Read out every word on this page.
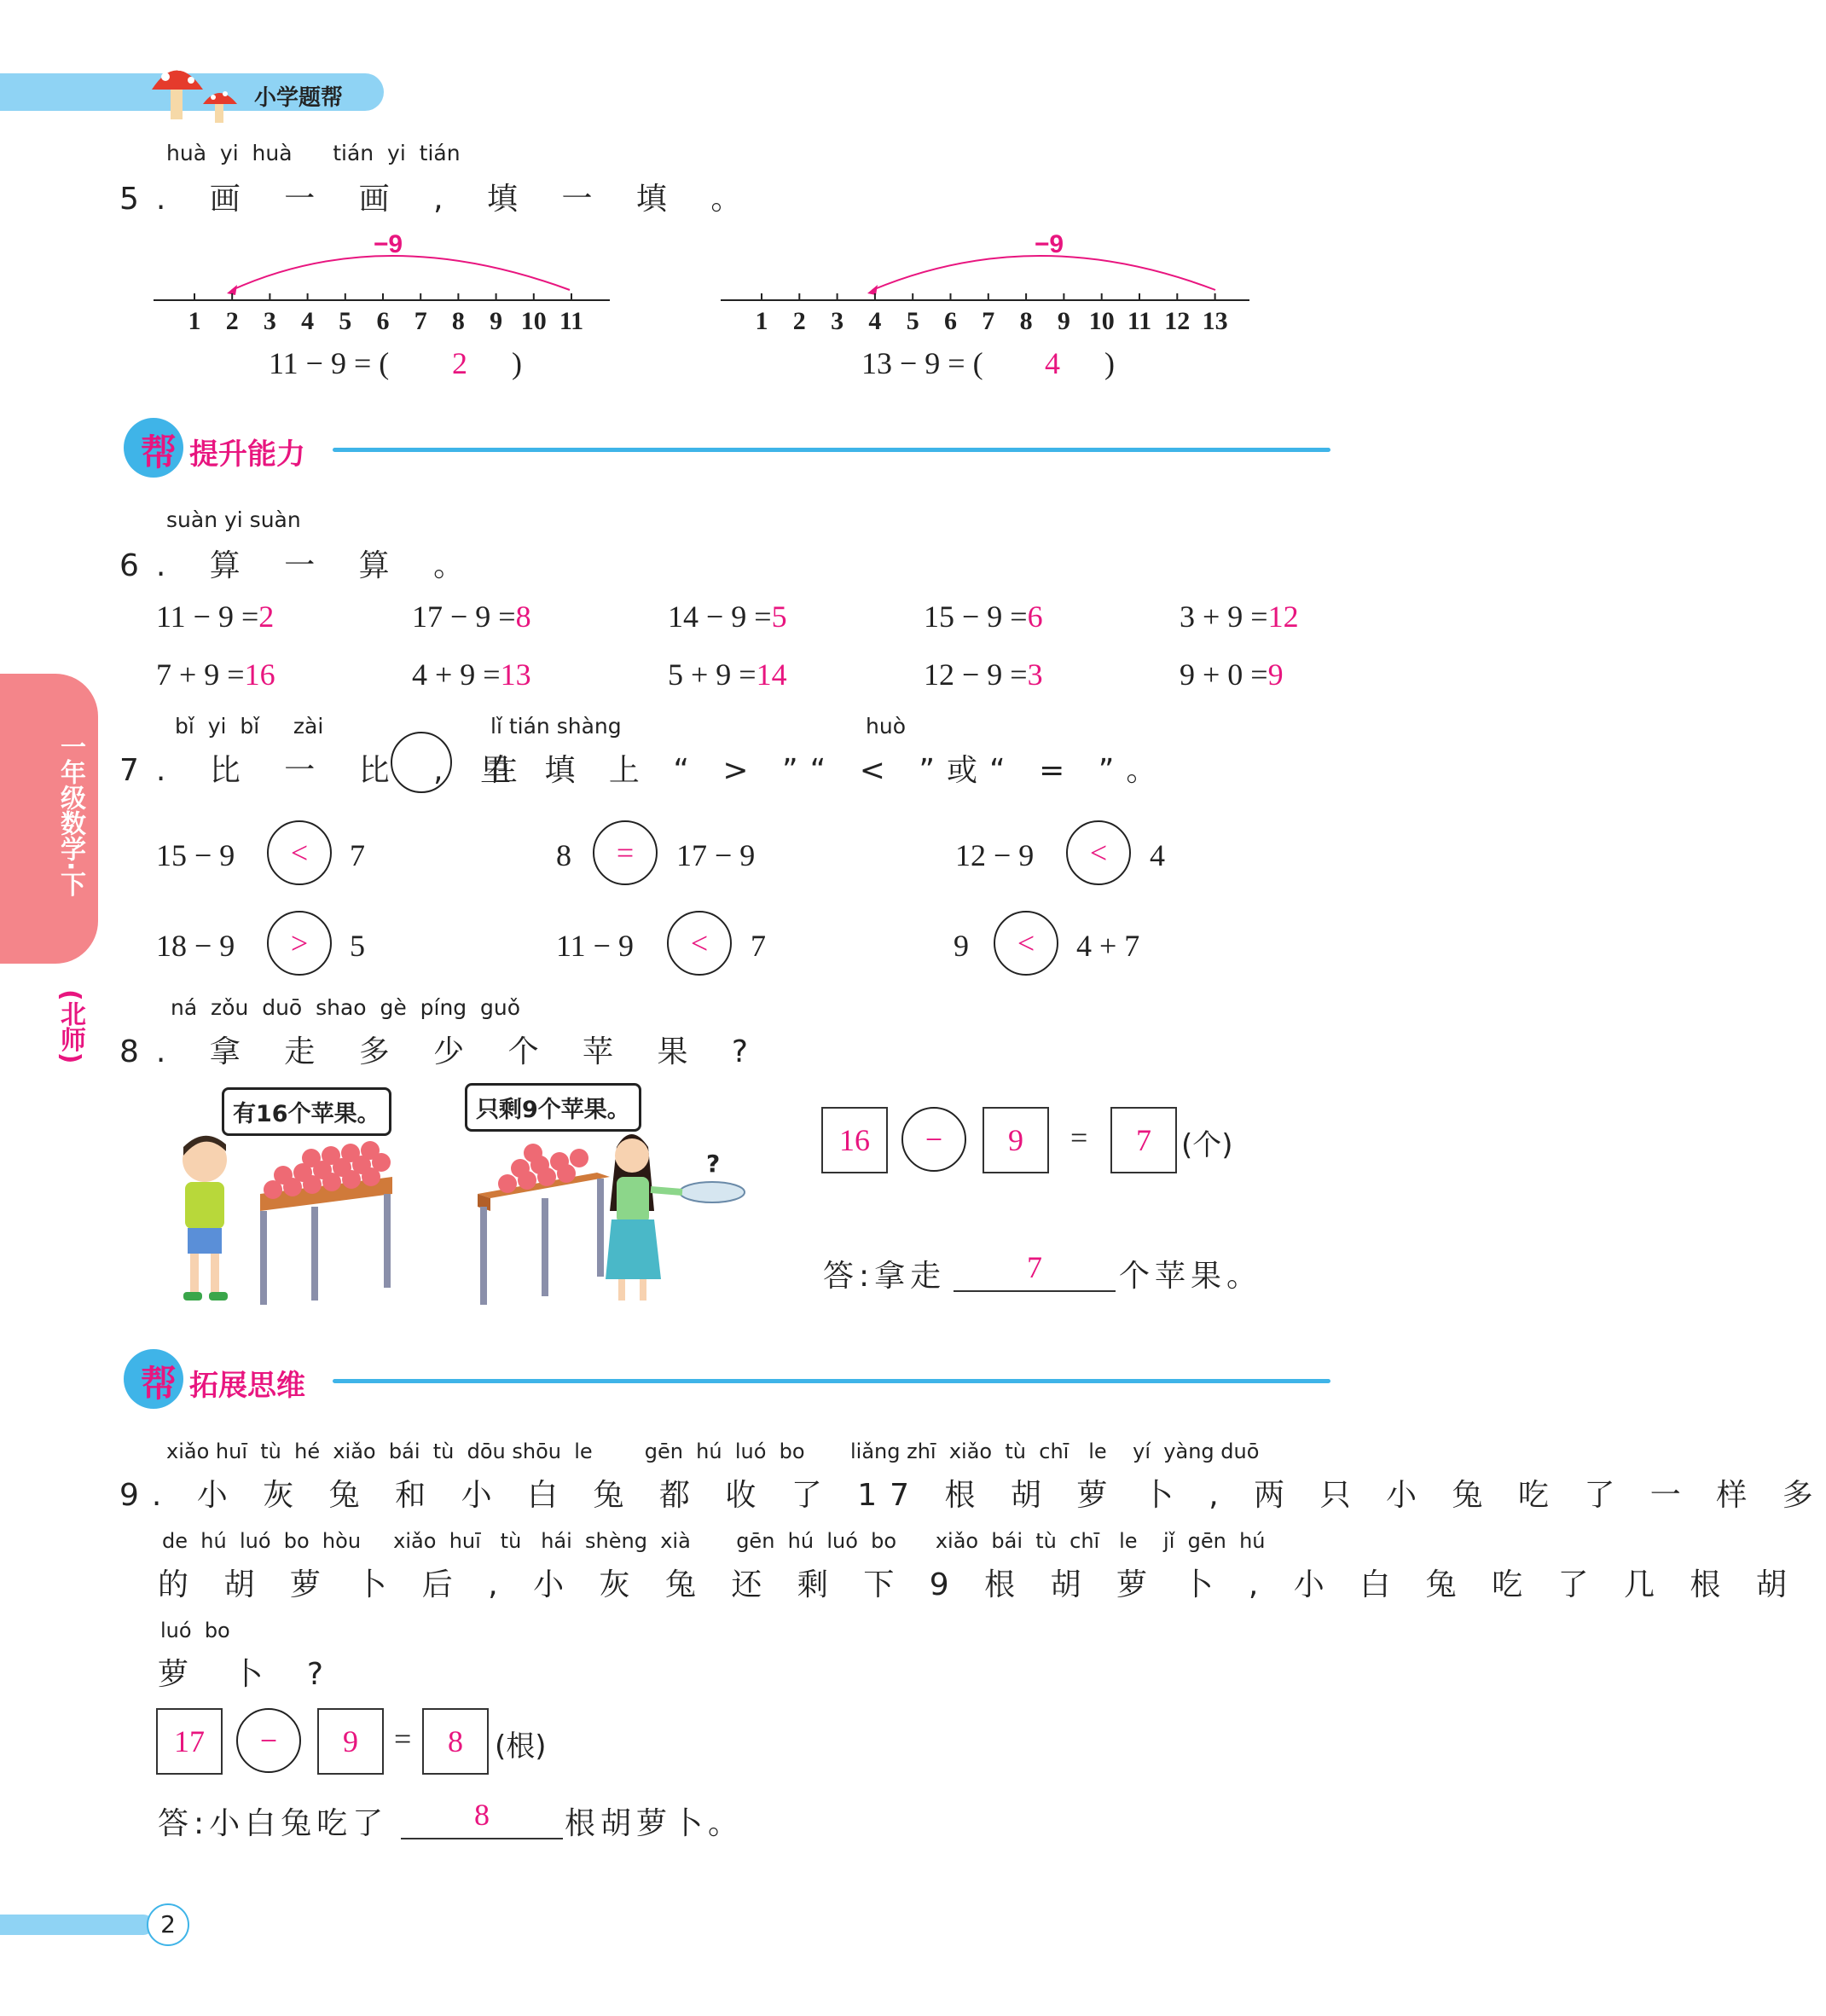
小学题帮
一年级数学·下
(北师)
huà  yi  huà      tián  yi  tián
5. 画 一 画 , 填 一 填 。
−9
1 2 3 4 5 6 7 8 9 10 11
11 − 9 = ( 2 )
−9
1 2 3 4 5 6 7 8 9 10 11 12 13
13 − 9 = ( 4 )
帮 提升能力
suàn yi suàn
6. 算 一 算 。
11 − 9 =2	17 − 9 =8	14 − 9 =5	15 − 9 =6	3 + 9 =12
7 + 9 =16	4 + 9 =13	5 + 9 =14	12 − 9 =3	9 + 0 =9
bǐ  yi  bǐ     zài	lǐ tián shàng	huò
7. 比 一 比 , 在
里 填 上 “ > ”“ < ”或“ = ”。
15 − 9	<	7	8	=	17 − 9	12 − 9	<	4
18 − 9	>	5	11 − 9	<	7	9	<	4 + 7
ná  zǒu  duō  shao  gè  píng  guǒ
8. 拿 走 多 少 个 苹 果 ?
有16个苹果。	只剩9个苹果。
?
16	−	9	=	7	(个)
答:拿走	7	个苹果。
帮 拓展思维
xiǎo huī  tù  hé  xiǎo  bái  tù  dōu shōu  le        gēn  hú  luó  bo       liǎng zhī  xiǎo  tù  chī   le    yí  yàng duō
9. 小 灰 兔 和 小 白 兔 都 收 了 17 根 胡 萝 卜 , 两 只 小 兔 吃 了 一 样 多
de  hú  luó  bo  hòu     xiǎo  huī   tù   hái  shèng  xià       gēn  hú  luó  bo      xiǎo  bái  tù  chī   le    jǐ  gēn  hú
的 胡 萝 卜 后 , 小 灰 兔 还 剩 下 9 根 胡 萝 卜 , 小 白 兔 吃 了 几 根 胡
luó  bo
萝 卜 ?
17	−	9	=	8	(根)
答:小白兔吃了	8	根胡萝卜。
2
